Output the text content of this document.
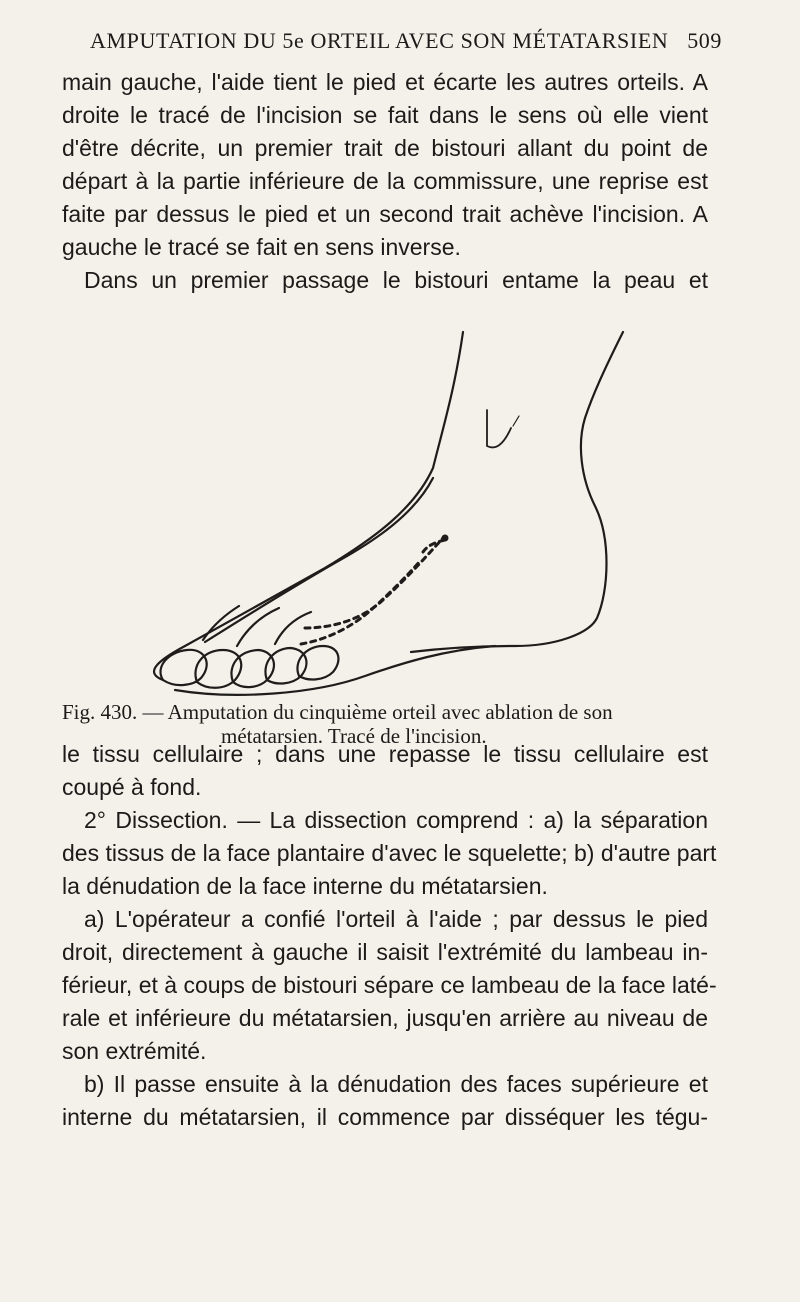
AMPUTATION DU 5e ORTEIL AVEC SON MÉTATARSIEN 509
main gauche, l'aide tient le pied et écarte les autres orteils. A
droite le tracé de l'incision se fait dans le sens où elle vient
d'être décrite, un premier trait de bistouri allant du point de
départ à la partie inférieure de la commissure, une reprise est
faite par dessus le pied et un second trait achève l'incision. A
gauche le tracé se fait en sens inverse.
Dans un premier passage le bistouri entame la peau et
Fig. 430. — Amputation du cinquième orteil avec ablation de son
métatarsien. Tracé de l'incision.
le tissu cellulaire ; dans une repasse le tissu cellulaire est
coupé à fond.
2° Dissection. — La dissection comprend : a) la séparation
des tissus de la face plantaire d'avec le squelette; b) d'autre part
la dénudation de la face interne du métatarsien.
a) L'opérateur a confié l'orteil à l'aide ; par dessus le pied
droit, directement à gauche il saisit l'extrémité du lambeau in-
férieur, et à coups de bistouri sépare ce lambeau de la face laté-
rale et inférieure du métatarsien, jusqu'en arrière au niveau de
son extrémité.
b) Il passe ensuite à la dénudation des faces supérieure et
interne du métatarsien, il commence par disséquer les tégu-
